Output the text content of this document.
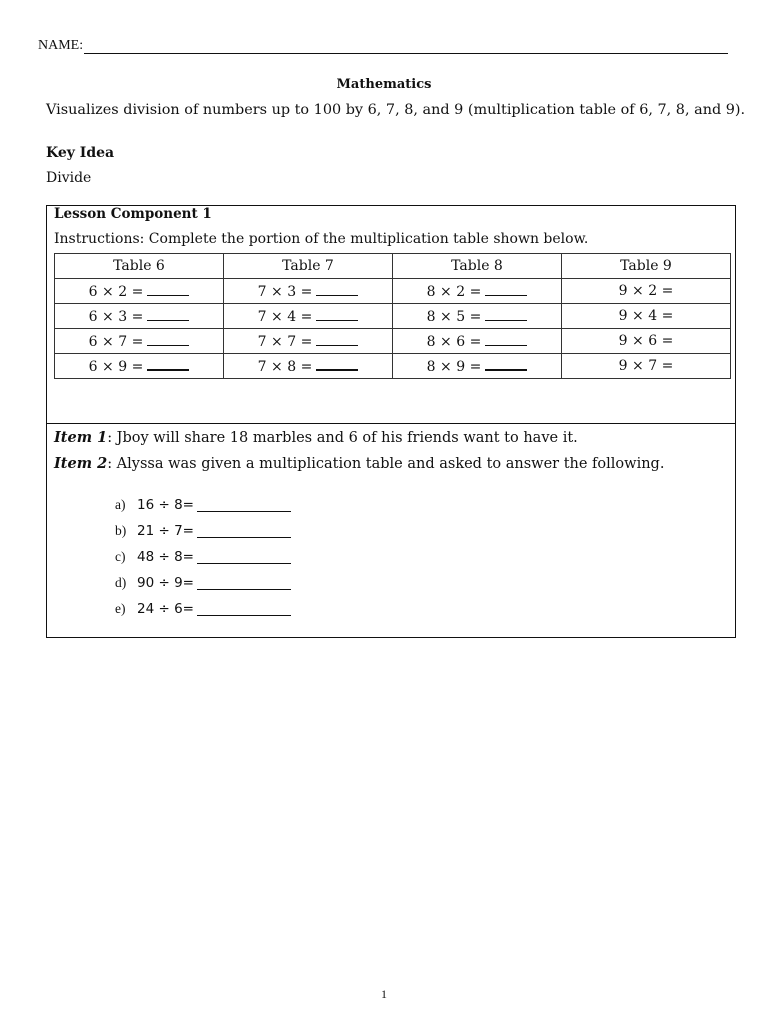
NAME:
Mathematics
Visualizes division of numbers up to 100 by 6, 7, 8, and 9 (multiplication table of 6, 7, 8, and 9).
Key Idea
Divide
Lesson Component 1
Instructions: Complete the portion of the multiplication table shown below.
Table 6	Table 7	Table 8	Table 9
6 × 2 =	7 × 3 =	8 × 2 =	9 × 2 =
6 × 3 =	7 × 4 =	8 × 5 =	9 × 4 =
6 × 7 =	7 × 7 =	8 × 6 =	9 × 6 =
6 × 9 =	7 × 8 =	8 × 9 =	9 × 7 =
Item 1: Jboy will share 18 marbles and 6 of his friends want to have it.
Item 2: Alyssa was given a multiplication table and asked to answer the following.
a) 16 ÷ 8=
b) 21 ÷ 7=
c) 48 ÷ 8=
d) 90 ÷ 9=
e) 24 ÷ 6=
1
